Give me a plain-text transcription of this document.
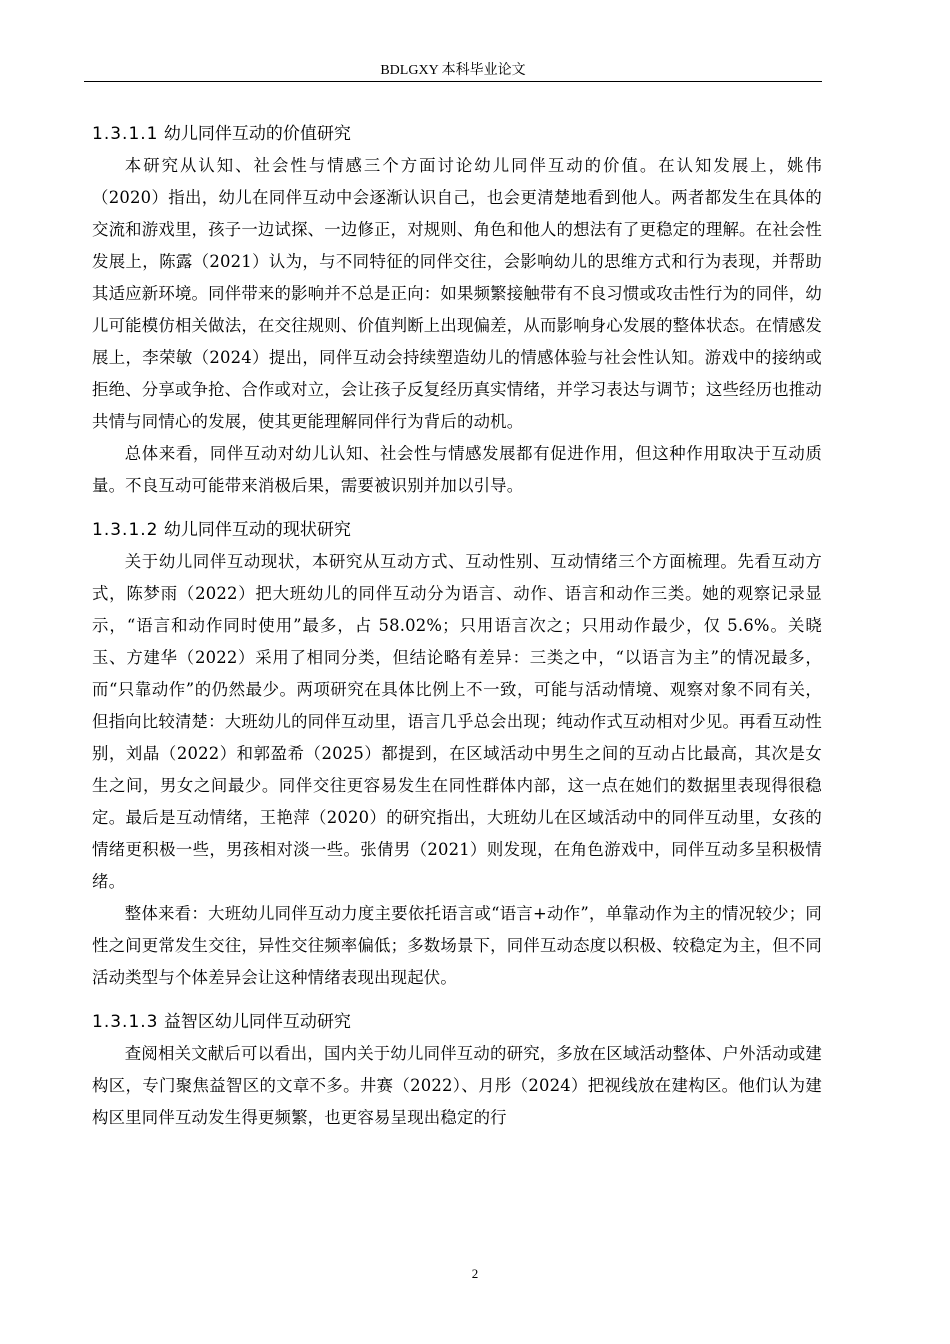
BDLGXY 本科毕业论文
1.3.1.1 幼儿同伴互动的价值研究

本研究从认知、社会性与情感三个方面讨论幼儿同伴互动的价值。在认知发展上，姚伟（2020）指出，幼儿在同伴互动中会逐渐认识自己，也会更清楚地看到他人。两者都发生在具体的交流和游戏里，孩子一边试探、一边修正，对规则、角色和他人的想法有了更稳定的理解。在社会性发展上，陈露（2021）认为，与不同特征的同伴交往，会影响幼儿的思维方式和行为表现，并帮助其适应新环境。同伴带来的影响并不总是正向：如果频繁接触带有不良习惯或攻击性行为的同伴，幼儿可能模仿相关做法，在交往规则、价值判断上出现偏差，从而影响身心发展的整体状态。在情感发展上，李荣敏（2024）提出，同伴互动会持续塑造幼儿的情感体验与社会性认知。游戏中的接纳或拒绝、分享或争抢、合作或对立，会让孩子反复经历真实情绪，并学习表达与调节；这些经历也推动共情与同情心的发展，使其更能理解同伴行为背后的动机。

总体来看，同伴互动对幼儿认知、社会性与情感发展都有促进作用，但这种作用取决于互动质量。不良互动可能带来消极后果，需要被识别并加以引导。

1.3.1.2 幼儿同伴互动的现状研究

关于幼儿同伴互动现状，本研究从互动方式、互动性别、互动情绪三个方面梳理。先看互动方式，陈梦雨（2022）把大班幼儿的同伴互动分为语言、动作、语言和动作三类。她的观察记录显示，“语言和动作同时使用”最多，占 58.02%；只用语言次之；只用动作最少，仅 5.6%。关晓玉、方建华（2022）采用了相同分类，但结论略有差异：三类之中，“以语言为主”的情况最多，而“只靠动作”的仍然最少。两项研究在具体比例上不一致，可能与活动情境、观察对象不同有关，但指向比较清楚：大班幼儿的同伴互动里，语言几乎总会出现；纯动作式互动相对少见。再看互动性别，刘晶（2022）和郭盈希（2025）都提到，在区域活动中男生之间的互动占比最高，其次是女生之间，男女之间最少。同伴交往更容易发生在同性群体内部，这一点在她们的数据里表现得很稳定。最后是互动情绪，王艳萍（2020）的研究指出，大班幼儿在区域活动中的同伴互动里，女孩的情绪更积极一些，男孩相对淡一些。张倩男（2021）则发现，在角色游戏中，同伴互动多呈积极情绪。

整体来看：大班幼儿同伴互动力度主要依托语言或“语言+动作”，单靠动作为主的情况较少；同性之间更常发生交往，异性交往频率偏低；多数场景下，同伴互动态度以积极、较稳定为主，但不同活动类型与个体差异会让这种情绪表现出现起伏。

1.3.1.3 益智区幼儿同伴互动研究

查阅相关文献后可以看出，国内关于幼儿同伴互动的研究，多放在区域活动整体、户外活动或建构区，专门聚焦益智区的文章不多。井赛（2022）、月彤（2024）把视线放在建构区。他们认为建构区里同伴互动发生得更频繁，也更容易呈现出稳定的行

2
